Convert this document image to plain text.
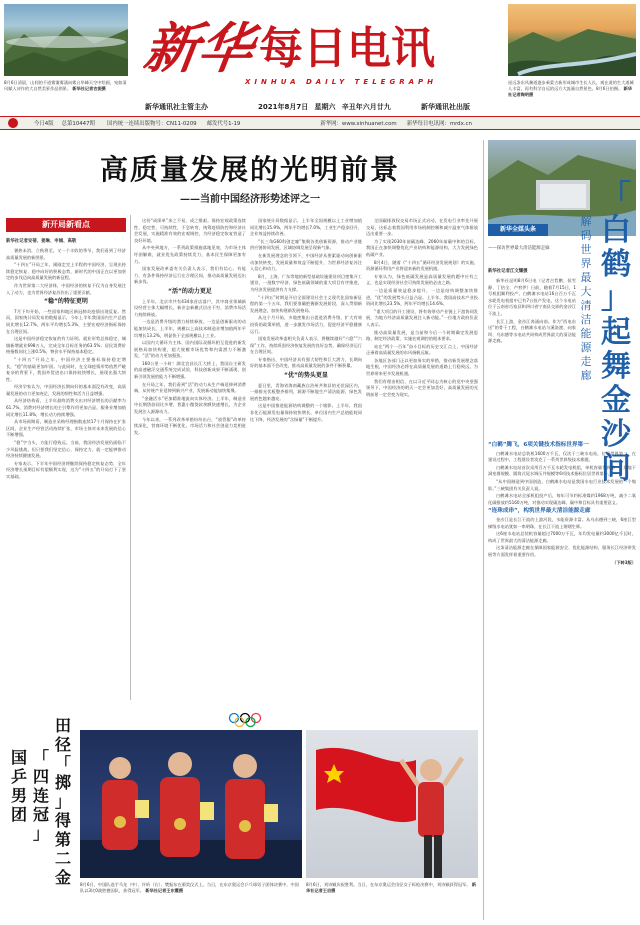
8月6日清晨，山间的千道雾霭雾涌向雾台华峰天空中绘画，宛如清风赋人诗作的大自然美景作品图景。 新华社记者吉振摄
新
华 每 日 电 讯
XINHUA DAILY TELEGRAPH
新华通讯社主管主办	2021年8月7日 星期六 辛丑年六月廿九	新华通讯社出版
遥远条东风骤道逐步乘蒙古新形成城市生长人长，观在道的生大道城人丰富，再有科学自远的远方大流量自然景色。8月6日拍摄。 新华社记者陶明摄
今日4版 总第10447期 国内统一连续出版物号：CN11-0209 邮发代号1-19	新华网：www.xinhuanet.com 新华每日电讯网：mrdx.cn
高质量发展的光明前景
——当前中国经济形势述评之一
新开局新看点
新华社记者安蓓、姜琳、申铖、高敬

暑热未消，立秋将至。又一个丰收的季节，我们看到了经济高质量发展的新图景。

“十四五”开局之年，刚刚走完上半程的中国经济，呈现出持续稳定恢复、稳中向好的积极态势，新时代的中国正在以更加坚定的步伐迈向高质量发展的新征程。

作为世界第二大经济体，中国经济的恢复不仅为自身发展注入了动力，也为世界经济复苏作出了重要贡献。

“稳”的特征更明

7月下旬开始，一些国家和地区新冠肺炎疫情出现反复。然而，国家统计局发布的数据显示，今年上半年我国国内生产总值同比增长12.7%，两年平均增长5.3%，主要宏观经济指标保持在合理区间。

这是中国经济稳定恢复的有力证明。就业形势总体稳定，城镇新增就业698万人，完成全年目标任务的63.5%；居民消费价格指数同比上涨0.5%，物价水平保持基本稳定。

“十四五”开局之年，中国经济主要指标保持稳定增长，“稳”的基础更加牢固。与此同时，在全球疫情形势依然严峻复杂的背景下，我国外贸进出口保持较快增长，展现出强大韧性。

经济学家认为，中国经济长期向好的基本面没有改变，高质量发展的动力更加充足，发展的韧性和活力日益增强。

从经济结构看，上半年最终消费支出对经济增长的贡献率为61.7%，消费对经济增长的主引擎作用更加凸显。服务业增加值同比增长11.8%，增长动力持续增强。

从市场预期看，制造业采购经理指数连续17个月保持在扩张区间，企业生产经营活动持续扩张，市场主体对未来发展的信心不断增强。

“稳”字当头，方能行稳致远。当前，我国经济发展仍面临不少风险挑战，但只要我们坚定信心、保持定力，就一定能够推动经济持续健康发展。

专家表示，下半年中国经济将继续保持稳定恢复态势，全年经济增长预期目标有望顺利实现，这为“十四五”的开局打下了坚实基础。

这份“成绩单”来之不易、成之惟艰。保持宏观政策连续性、稳定性、可持续性，不急转弯，统筹疫情防控和经济社会发展，实施精准有效的宏观调控，为经济稳定恢复营造了良好环境。

从中央到地方，一系列政策措施落地见效，为市场主体纾困解难，就业优先政策持续发力，基本民生保障更加有力。

国家发展改革委有关负责人表示，我们有信心、有能力、有条件保持经济运行在合理区间，推动高质量发展迈出新步伐。

“活”的动力更足

上半年，北京市共有434家首店落户，其中商业领域新设经营主体大幅增长，新业态新模式层出不穷，消费市场活力持续释放。

一边是消费升级的潜力持续释放，一边是创新驱动的动能加快成长。上半年，规模以上高技术制造业增加值两年平均增长13.2%，明显快于全部规模以上工业。

以国内大循环为主体、国内国际双循环相互促进的新发展格局加快构建，超大规模市场优势和内需潜力不断激发，“活”的动力更加强劲。

160公里一小时！湖北宜昌长江大桥上，我国自主研发的高速磁浮交通系统完成试验，科技创新成果不断涌现，创新引领发展的能力不断增强。

在开局之年，我们看到“活”的动力从生产端延伸到消费端，从传统产业延伸到新兴产业，发展新动能加快集聚。

“金融活水”更加精准地流向实体经济。上半年，制造业中长期贷款同比多增，普惠小微贷款余额快速增长，为企业发展注入源源动力。

今年以来，一系列改革举措纷纷出台，“放管服”改革持续深化，营商环境不断优化，市场活力和社会创造力竞相迸发。

国家统计局数据显示，上半年全国规模以上工业增加值同比增长15.9%，两年平均增长7.0%，工业生产稳步回升，企业效益持续改善。

“长三角G60科创走廊”集聚各类创新资源，推动产业链供应链协同发展，区域协调发展呈现新气象。

在新发展理念的引领下，中国经济从要素驱动向创新驱动加快转变，发展质量和效益不断提升，为世界经济复苏注入信心和动力。

8月，上海、广东等地的新型基础设施建设项目密集开工建设，一批数字经济、绿色低碳领域的重大项目有序推进，为经济发展提供有力支撑。

“十四五”时期是开启全面建设社会主义现代化国家新征程的第一个五年，我们要准确把握新发展阶段，深入贯彻新发展理念，加快构建新发展格局。

从这个月开始，多地密集出台促进消费升级、扩大有效投资的政策举措，进一步激发市场活力，促进经济平稳健康运行。

国家发展改革委相关负责人表示，将继续做好“六稳”“六保”工作，持续巩固经济恢复发展的良好态势，确保经济运行在合理区间。

专家指出，中国经济具有强大韧性和巨大潜力，长期向好的基本面不会改变，推动高质量发展的条件不断积累。

“优”的势头更显

夏日里，青海省海南藏族自治州共和县的光伏园区内，一排排光伏板整齐排列，源源不断地生产清洁能源，绿色发展底色越来越亮。

这是中国推进能源结构调整的一个缩影。上半年，我国非化石能源发电量保持较快增长，单位国内生产总值能耗同比下降，经济发展的“含绿量”不断提升。

全国碳排放权交易市场正式启动，在发电行业率先开展交易，这标志着我国利用市场机制控制和减少温室气体排放迈出重要一步。

为了实现2030年前碳达峰、2060年前碳中和的目标，我国正在加快调整优化产业结构和能源结构，大力发展绿色低碳产业。

8月4日，随着《“十四五”循环经济发展规划》的实施，资源循环利用产业将迎来新的发展机遇。

专家认为，绿色低碳发展是高质量发展的题中应有之义，也是实现经济社会可持续发展的必由之路。

一边是质量效益稳步提升，一边是结构调整加快推进，“优”的发展势头日益凸显。上半年，我国高技术产业投资同比增长23.5%，两年平均增长14.6%。

“重大项目的开工建设，将有效带动产业链上下游协同发展，为地方经济高质量发展注入新动能。”一位地方政府负责人表示。

推动高质量发展，是当前和今后一个时期确定发展思路、制定经济政策、实施宏观调控的根本要求。

站在“两个一百年”奋斗目标的历史交汇点上，中国经济正乘着高质量发展的东风扬帆远航。

各地区各部门正以更加务实的举措，推动新发展理念落地生根，中国经济必将在高质量发展的道路上行稳致远，为世界带来更多发展机遇。

我们有理由相信，在以习近平同志为核心的党中央坚强领导下，中国经济的明天一定会更加美好，高质量发展的光明前景一定会变为现实。

国
乒
男
团
「
四
连
冠
」
田
径
「
掷
」
得
第
二
金 8月6日，中国队选手马龙（中）、许昕（右）、樊振东在颁奖仪式上。当日，在东京奥运会乒乓球男子团体决赛中，中国队以3比0战胜德国队，获得冠军。 新华社记者王东震摄
8月6日，刘诗颖庆祝胜利。当日，在东京奥运会田径女子标枪决赛中，刘诗颖获得冠军。 新华社记者王启摄
新华全媒头条
「
白
鹤
」
起
舞
金
沙
间
解
码
世
界
最
大
清
洁
能
源
走
廊
——探访世界最大清洁能源走廊
新华社记者江文耀摄

新华社昆明8月6日电（记者吉哲鹏、侯雪静、丁怡全、卢宥伊）日前，随着7月15日，1号机组顺利投产，白鹤滩水电站16台百万千瓦水轮发电机组中已有7台投产发电，这个水电站位于云南省巧家县和四川省宁南县交界的金沙江干流上。

长江上游，金沙江奔涌向前。作为“西电东送”的骨干工程，白鹤滩水电站与溪洛渡、向家坝、乌东德等水电站共同构成世界最大的清洁能源走廊。

“白鹤”腾飞，6项关键技术指标世界第一

白鹤滩水电站总装机1600万千瓦，仅次于三峡水电站，位居世界第二。在建设过程中，工程建设者攻克了一系列世界级技术难题。

白鹤滩水电站首次采用百万千瓦水轮发电机组，单机容量世界第一，其地下洞室群规模、圆筒式尾水调压井规模等6项技术指标位居世界第一。

“从中国制造到中国创造，白鹤滩水电站是我国水电行业技术发展的一个缩影。”三峡集团有关负责人说。

白鹤滩水电站全部机组投产后，每年可节约标准煤约1968万吨，减少二氧化碳排放约5160万吨，对推动实现碳达峰、碳中和目标具有重要意义。

“连珠成串”，构筑世界最大清洁能源走廊

金沙江是长江干流的上游河段，水能资源丰富。从乌东德到三峡，6座巨型梯级水电站犹如一串明珠，在长江干流上熠熠生辉。

这6座水电站总装机容量超过7000万千瓦，年均发电量约3000亿千瓦时，构成了世界最大的清洁能源走廊。

这条清洁能源走廊在保障国家能源安全、优化能源结构、服务长江经济带发展等方面发挥着重要作用。

（下转3版）
